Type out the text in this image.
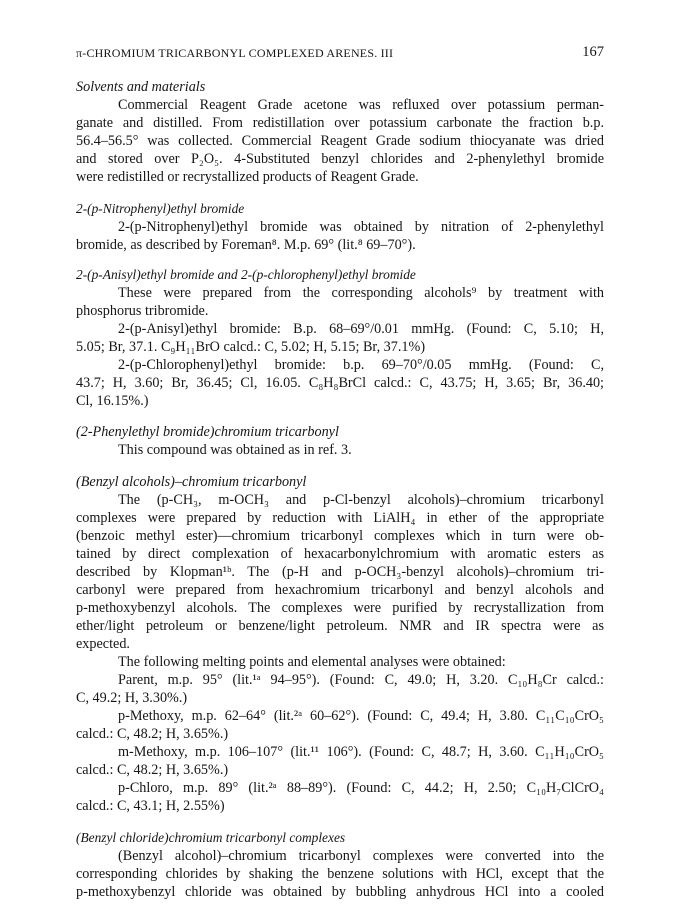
π-CHROMIUM TRICARBONYL COMPLEXED ARENES. III	167
Solvents and materials
Commercial Reagent Grade acetone was refluxed over potassium perman-
ganate and distilled. From redistillation over potassium carbonate the fraction b.p.
56.4–56.5° was collected. Commercial Reagent Grade sodium thiocyanate was dried
and stored over P₂O₅. 4-Substituted benzyl chlorides and 2-phenylethyl bromide
were redistilled or recrystallized products of Reagent Grade.
2-(p-Nitrophenyl)ethyl bromide
2-(p-Nitrophenyl)ethyl bromide was obtained by nitration of 2-phenylethyl
bromide, as described by Foreman⁸. M.p. 69° (lit.⁸ 69–70°).
2-(p-Anisyl)ethyl bromide and 2-(p-chlorophenyl)ethyl bromide
These were prepared from the corresponding alcohols⁹ by treatment with
phosphorus tribromide.
2-(p-Anisyl)ethyl bromide: B.p. 68–69°/0.01 mmHg. (Found: C, 5.10; H,
5.05; Br, 37.1. C₉H₁₁BrO calcd.: C, 5.02; H, 5.15; Br, 37.1%)
2-(p-Chlorophenyl)ethyl bromide: b.p. 69–70°/0.05 mmHg. (Found: C,
43.7; H, 3.60; Br, 36.45; Cl, 16.05. C₈H₈BrCl calcd.: C, 43.75; H, 3.65; Br, 36.40;
Cl, 16.15%.)
(2-Phenylethyl bromide)chromium tricarbonyl
This compound was obtained as in ref. 3.
(Benzyl alcohols)–chromium tricarbonyl
The (p-CH₃, m-OCH₃ and p-Cl-benzyl alcohols)–chromium tricarbonyl
complexes were prepared by reduction with LiAlH₄ in ether of the appropriate
(benzoic methyl ester)—chromium tricarbonyl complexes which in turn were ob-
tained by direct complexation of hexacarbonylchromium with aromatic esters as
described by Klopman¹ᵇ. The (p-H and p-OCH₃-benzyl alcohols)–chromium tri-
carbonyl were prepared from hexachromium tricarbonyl and benzyl alcohols and
p-methoxybenzyl alcohols. The complexes were purified by recrystallization from
ether/light petroleum or benzene/light petroleum. NMR and IR spectra were as
expected.
The following melting points and elemental analyses were obtained:
Parent, m.p. 95° (lit.¹ᵃ 94–95°). (Found: C, 49.0; H, 3.20. C₁₀H₈Cr calcd.:
C, 49.2; H, 3.30%.)
p-Methoxy, m.p. 62–64° (lit.²ᵃ 60–62°). (Found: C, 49.4; H, 3.80. C₁₁C₁₀CrO₅
calcd.: C, 48.2; H, 3.65%.)
m-Methoxy, m.p. 106–107° (lit.¹¹ 106°). (Found: C, 48.7; H, 3.60. C₁₁H₁₀CrO₅
calcd.: C, 48.2; H, 3.65%.)
p-Chloro, m.p. 89° (lit.²ᵃ 88–89°). (Found: C, 44.2; H, 2.50; C₁₀H₇ClCrO₄
calcd.: C, 43.1; H, 2.55%)
(Benzyl chloride)chromium tricarbonyl complexes
(Benzyl alcohol)–chromium tricarbonyl complexes were converted into the
corresponding chlorides by shaking the benzene solutions with HCl, except that the
p-methoxybenzyl chloride was obtained by bubbling anhydrous HCl into a cooled
